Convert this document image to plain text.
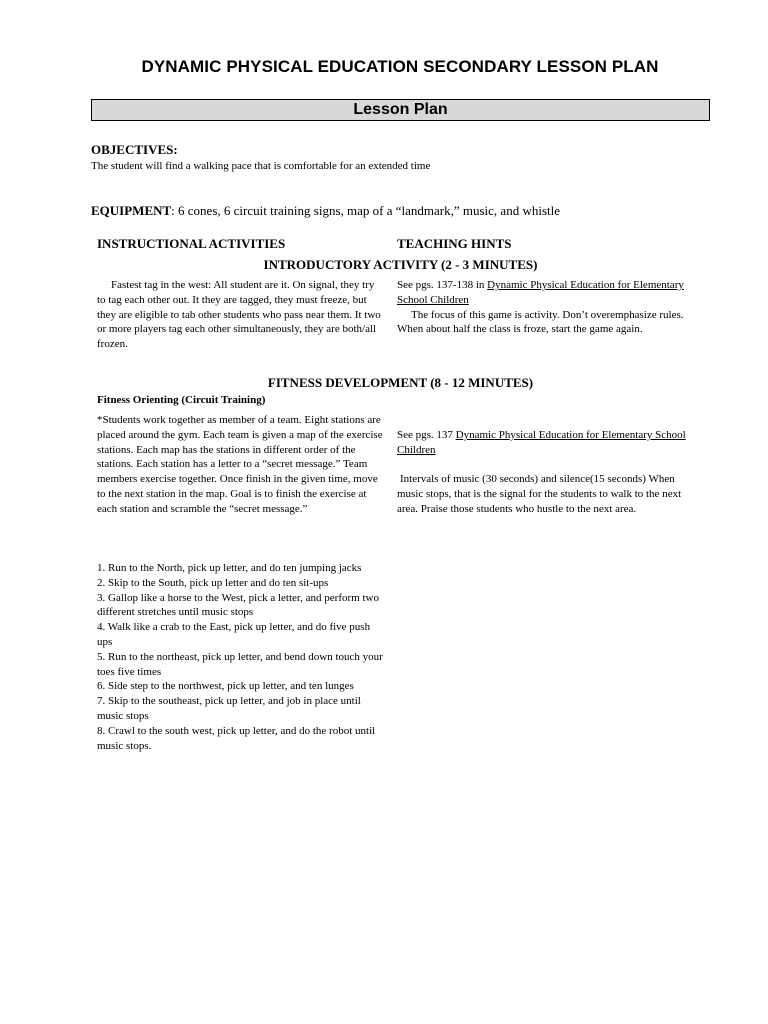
DYNAMIC PHYSICAL EDUCATION SECONDARY LESSON PLAN
Lesson Plan
OBJECTIVES:
The student will find a walking pace that is comfortable for an extended time
EQUIPMENT: 6 cones, 6 circuit training signs, map of a “landmark,” music, and whistle
INSTRUCTIONAL ACTIVITIES	TEACHING HINTS
INTRODUCTORY ACTIVITY (2 - 3 MINUTES)
Fastest tag in the west: All student are it. On signal, they try to tag each other out. It they are tagged, they must freeze, but they are eligible to tab other students who pass near them. It two or more players tag each other simultaneously, they are both/all frozen.

See pgs. 137-138 in Dynamic Physical Education for Elementary School Children

The focus of this game is activity. Don’t overemphasize rules. When about half the class is froze, start the game again.

FITNESS DEVELOPMENT (8 - 12 MINUTES)
Fitness Orienting (Circuit Training)
*Students work together as member of a team. Eight stations are placed around the gym. Each team is given a map of the exercise stations. Each map has the stations in different order of the stations. Each station has a letter to a “secret message.” Team members exercise together. Once finish in the given time, move to the next station in the map. Goal is to finish the exercise at each station and scramble the “secret message.”

1. Run to the North, pick up letter, and do ten jumping jacks

2. Skip to the South, pick up letter and do ten sit-ups

3. Gallop like a horse to the West, pick a letter, and perform two different stretches until music stops

4. Walk like a crab to the East, pick up letter, and do five push ups

5. Run to the northeast, pick up letter, and bend down touch your toes five times

6. Side step to the northwest, pick up letter, and ten lunges

7. Skip to the southeast, pick up letter, and job in place until music stops

8. Crawl to the south west, pick up letter, and do the robot until music stops.

See pgs. 137 Dynamic Physical Education for Elementary School Children
Intervals of music (30 seconds) and silence(15 seconds) When music stops, that is the signal for the students to walk to the next area. Praise those students who hustle to the next area.
